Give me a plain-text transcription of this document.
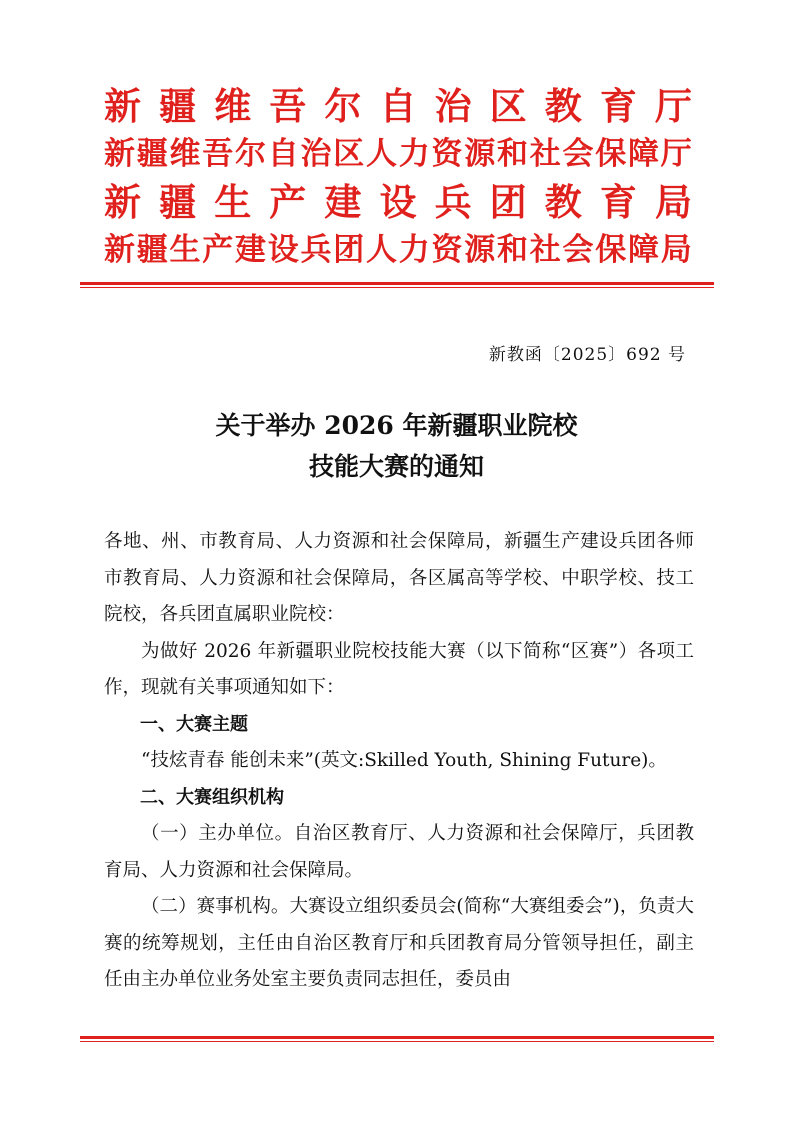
新 疆 维 吾 尔 自 治 区 教 育 厅
新 疆 维 吾 尔 自 治 区 人 力 资 源 和 社 会 保 障 厅
新 疆 生 产 建 设 兵 团 教 育 局
新 疆 生 产 建 设 兵 团 人 力 资 源 和 社 会 保 障 局
新教函〔2025〕692 号
关于举办 2026 年新疆职业院校
技能大赛的通知

各地、州、市教育局、人力资源和社会保障局，新疆生产建设兵团各师市教育局、人力资源和社会保障局，各区属高等学校、中职学校、技工院校，各兵团直属职业院校：

为做好 2026 年新疆职业院校技能大赛（以下简称“区赛”）各项工作，现就有关事项通知如下：

一、大赛主题

“技炫青春 能创未来”(英文:Skilled Youth, Shining Future)。

二、大赛组织机构

（一）主办单位。自治区教育厅、人力资源和社会保障厅，兵团教育局、人力资源和社会保障局。

（二）赛事机构。大赛设立组织委员会(简称“大赛组委会”)，负责大赛的统筹规划，主任由自治区教育厅和兵团教育局分管领导担任，副主任由主办单位业务处室主要负责同志担任，委员由
